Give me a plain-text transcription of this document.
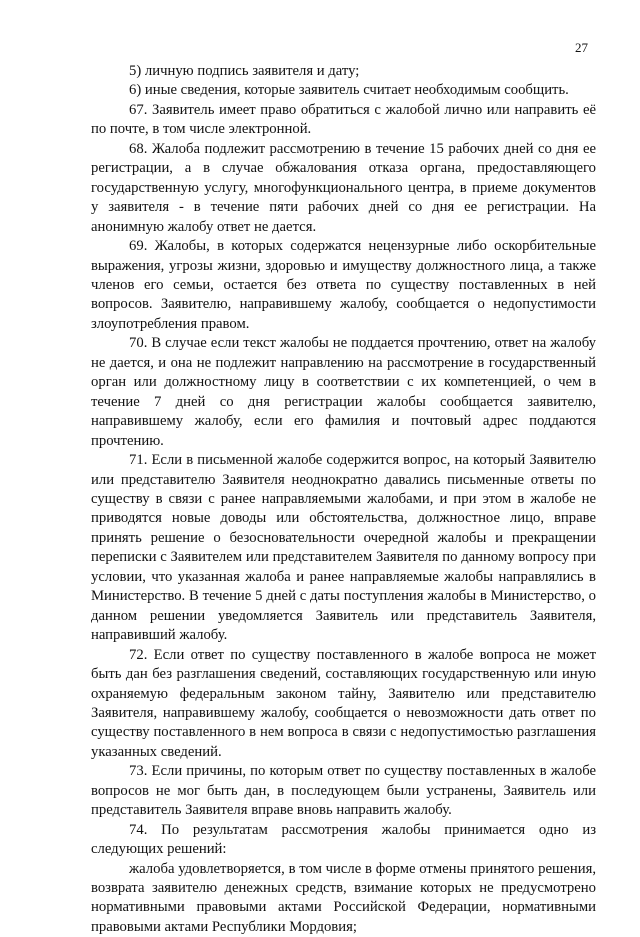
27

5) личную подпись заявителя и дату;

6) иные сведения, которые заявитель считает необходимым сообщить.

67. Заявитель имеет право обратиться с жалобой лично или направить её по почте, в том числе электронной.

68. Жалоба подлежит рассмотрению в течение 15 рабочих дней со дня ее регистрации, а в случае обжалования отказа органа, предоставляющего государственную услугу, многофункционального центра, в приеме документов у заявителя - в течение пяти рабочих дней со дня ее регистрации. На анонимную жалобу ответ не дается.

69. Жалобы, в которых содержатся нецензурные либо оскорбительные выражения, угрозы жизни, здоровью и имуществу должностного лица, а также членов его семьи, остается без ответа по существу поставленных в ней вопросов. Заявителю, направившему жалобу, сообщается о недопустимости злоупотребления правом.

70. В случае если текст жалобы не поддается прочтению, ответ на жалобу не дается, и она не подлежит направлению на рассмотрение в государственный орган или должностному лицу в соответствии с их компетенцией, о чем в течение 7 дней со дня регистрации жалобы сообщается заявителю, направившему жалобу, если его фамилия и почтовый адрес поддаются прочтению.

71. Если в письменной жалобе содержится вопрос, на который Заявителю или представителю Заявителя неоднократно давались письменные ответы по существу в связи с ранее направляемыми жалобами, и при этом в жалобе не приводятся новые доводы или обстоятельства, должностное лицо, вправе принять решение о безосновательности очередной жалобы и прекращении переписки с Заявителем или представителем Заявителя по данному вопросу при условии, что указанная жалоба и ранее направляемые жалобы направлялись в Министерство. В течение 5 дней с даты поступления жалобы в Министерство, о данном решении уведомляется Заявитель или представитель Заявителя, направивший жалобу.

72. Если ответ по существу поставленного в жалобе вопроса не может быть дан без разглашения сведений, составляющих государственную или иную охраняемую федеральным законом тайну, Заявителю или представителю Заявителя, направившему жалобу, сообщается о невозможности дать ответ по существу поставленного в нем вопроса в связи с недопустимостью разглашения указанных сведений.

73. Если причины, по которым ответ по существу поставленных в жалобе вопросов не мог быть дан, в последующем были устранены, Заявитель или представитель Заявителя вправе вновь направить жалобу.

74. По результатам рассмотрения жалобы принимается одно из следующих решений:

жалоба удовлетворяется, в том числе в форме отмены принятого решения, возврата заявителю денежных средств, взимание которых не предусмотрено нормативными правовыми актами Российской Федерации, нормативными правовыми актами Республики Мордовия;
